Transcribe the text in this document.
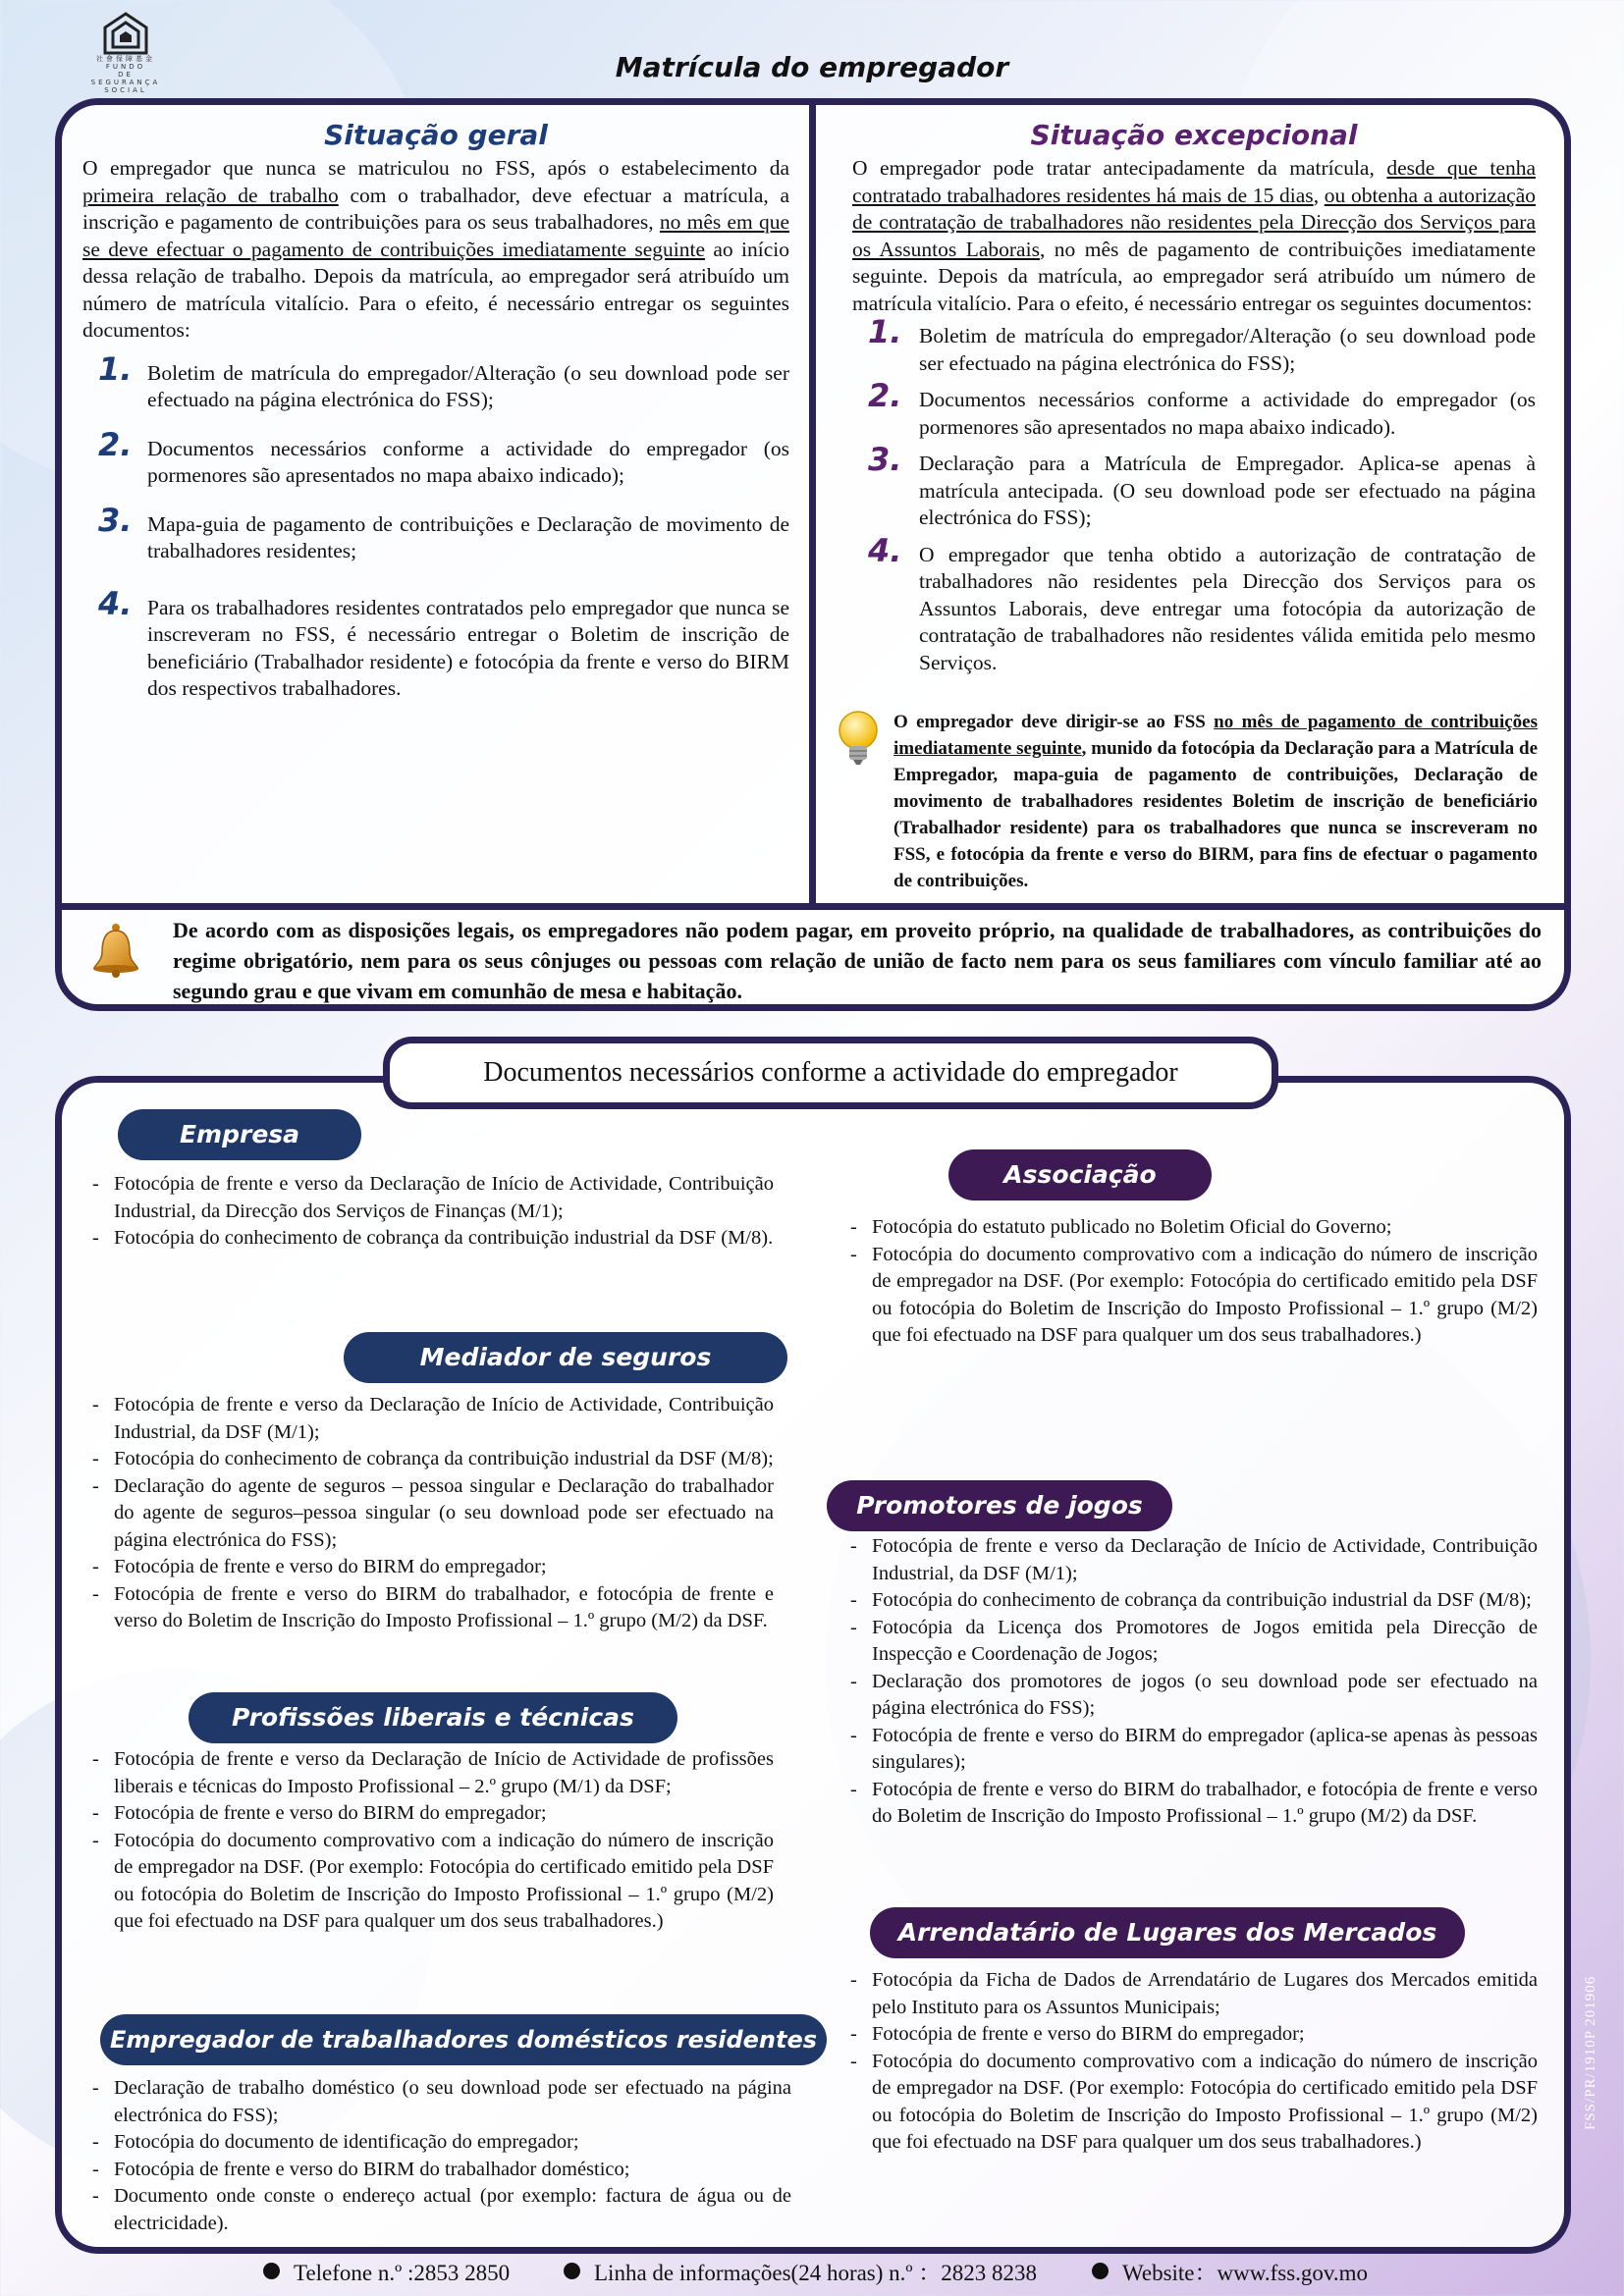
社會保障基金
FUNDO
DE SEGURANÇA
SOCIAL
Matrícula do empregador
Situação geral
O empregador que nunca se matriculou no FSS, após o estabelecimento da primeira relação de trabalho com o trabalhador, deve efectuar a matrícula, a inscrição e pagamento de contribuições para os seus trabalhadores, no mês em que se deve efectuar o pagamento de contribuições imediatamente seguinte ao início dessa relação de trabalho. Depois da matrícula, ao empregador será atribuído um número de matrícula vitalício. Para o efeito, é necessário entregar os seguintes documentos:
1. Boletim de matrícula do empregador/Alteração (o seu download pode ser efectuado na página electrónica do FSS);
2. Documentos necessários conforme a actividade do empregador (os pormenores são apresentados no mapa abaixo indicado);
3. Mapa-guia de pagamento de contribuições e Declaração de movimento de trabalhadores residentes;
4. Para os trabalhadores residentes contratados pelo empregador que nunca se inscreveram no FSS, é necessário entregar o Boletim de inscrição de beneficiário (Trabalhador residente) e fotocópia da frente e verso do BIRM dos respectivos trabalhadores.
Situação excepcional
O empregador pode tratar antecipadamente da matrícula, desde que tenha contratado trabalhadores residentes há mais de 15 dias, ou obtenha a autorização de contratação de trabalhadores não residentes pela Direcção dos Serviços para os Assuntos Laborais, no mês de pagamento de contribuições imediatamente seguinte. Depois da matrícula, ao empregador será atribuído um número de matrícula vitalício. Para o efeito, é necessário entregar os seguintes documentos:
1. Boletim de matrícula do empregador/Alteração (o seu download pode ser efectuado na página electrónica do FSS);
2. Documentos necessários conforme a actividade do empregador (os pormenores são apresentados no mapa abaixo indicado).
3. Declaração para a Matrícula de Empregador. Aplica-se apenas à matrícula antecipada. (O seu download pode ser efectuado na página electrónica do FSS);
4. O empregador que tenha obtido a autorização de contratação de trabalhadores não residentes pela Direcção dos Serviços para os Assuntos Laborais, deve entregar uma fotocópia da autorização de contratação de trabalhadores não residentes válida emitida pelo mesmo Serviços.
O empregador deve dirigir-se ao FSS no mês de pagamento de contribuições imediatamente seguinte, munido da fotocópia da Declaração para a Matrícula de Empregador, mapa-guia de pagamento de contribuições, Declaração de movimento de trabalhadores residentes Boletim de inscrição de beneficiário (Trabalhador residente) para os trabalhadores que nunca se inscreveram no FSS, e fotocópia da frente e verso do BIRM, para fins de efectuar o pagamento de contribuições.
De acordo com as disposições legais, os empregadores não podem pagar, em proveito próprio, na qualidade de trabalhadores, as contribuições do regime obrigatório, nem para os seus cônjuges ou pessoas com relação de união de facto nem para os seus familiares com vínculo familiar até ao segundo grau e que vivam em comunhão de mesa e habitação.
Documentos necessários conforme a actividade do empregador
Empresa
- Fotocópia de frente e verso da Declaração de Início de Actividade, Contribuição Industrial, da Direcção dos Serviços de Finanças (M/1);
- Fotocópia do conhecimento de cobrança da contribuição industrial da DSF (M/8).
Mediador de seguros
- Fotocópia de frente e verso da Declaração de Início de Actividade, Contribuição Industrial, da DSF (M/1);
- Fotocópia do conhecimento de cobrança da contribuição industrial da DSF (M/8);
- Declaração do agente de seguros – pessoa singular e Declaração do trabalhador do agente de seguros–pessoa singular (o seu download pode ser efectuado na página electrónica do FSS);
- Fotocópia de frente e verso do BIRM do empregador;
- Fotocópia de frente e verso do BIRM do trabalhador, e fotocópia de frente e verso do Boletim de Inscrição do Imposto Profissional – 1.º grupo (M/2) da DSF.
Profissões liberais e técnicas
- Fotocópia de frente e verso da Declaração de Início de Actividade de profissões liberais e técnicas do Imposto Profissional – 2.º grupo (M/1) da DSF;
- Fotocópia de frente e verso do BIRM do empregador;
- Fotocópia do documento comprovativo com a indicação do número de inscrição de empregador na DSF. (Por exemplo: Fotocópia do certificado emitido pela DSF ou fotocópia do Boletim de Inscrição do Imposto Profissional – 1.º grupo (M/2) que foi efectuado na DSF para qualquer um dos seus trabalhadores.)
Empregador de trabalhadores domésticos residentes
- Declaração de trabalho doméstico (o seu download pode ser efectuado na página electrónica do FSS);
- Fotocópia do documento de identificação do empregador;
- Fotocópia de frente e verso do BIRM do trabalhador doméstico;
- Documento onde conste o endereço actual (por exemplo: factura de água ou de electricidade).
Associação
- Fotocópia do estatuto publicado no Boletim Oficial do Governo;
- Fotocópia do documento comprovativo com a indicação do número de inscrição de empregador na DSF. (Por exemplo: Fotocópia do certificado emitido pela DSF ou fotocópia do Boletim de Inscrição do Imposto Profissional – 1.º grupo (M/2) que foi efectuado na DSF para qualquer um dos seus trabalhadores.)
Promotores de jogos
- Fotocópia de frente e verso da Declaração de Início de Actividade, Contribuição Industrial, da DSF (M/1);
- Fotocópia do conhecimento de cobrança da contribuição industrial da DSF (M/8);
- Fotocópia da Licença dos Promotores de Jogos emitida pela Direcção de Inspecção e Coordenação de Jogos;
- Declaração dos promotores de jogos (o seu download pode ser efectuado na página electrónica do FSS);
- Fotocópia de frente e verso do BIRM do empregador (aplica-se apenas às pessoas singulares);
- Fotocópia de frente e verso do BIRM do trabalhador, e fotocópia de frente e verso do Boletim de Inscrição do Imposto Profissional – 1.º grupo (M/2) da DSF.
Arrendatário de Lugares dos Mercados
- Fotocópia da Ficha de Dados de Arrendatário de Lugares dos Mercados emitida pelo Instituto para os Assuntos Municipais;
- Fotocópia de frente e verso do BIRM do empregador;
- Fotocópia do documento comprovativo com a indicação do número de inscrição de empregador na DSF. (Por exemplo: Fotocópia do certificado emitido pela DSF ou fotocópia do Boletim de Inscrição do Imposto Profissional – 1.º grupo (M/2) que foi efectuado na DSF para qualquer um dos seus trabalhadores.)
FSS/PR/1910P 201906
Telefone n.º :2853 2850	Linha de informações(24 horas) n.º ：2823 8238	Website：www.fss.gov.mo
